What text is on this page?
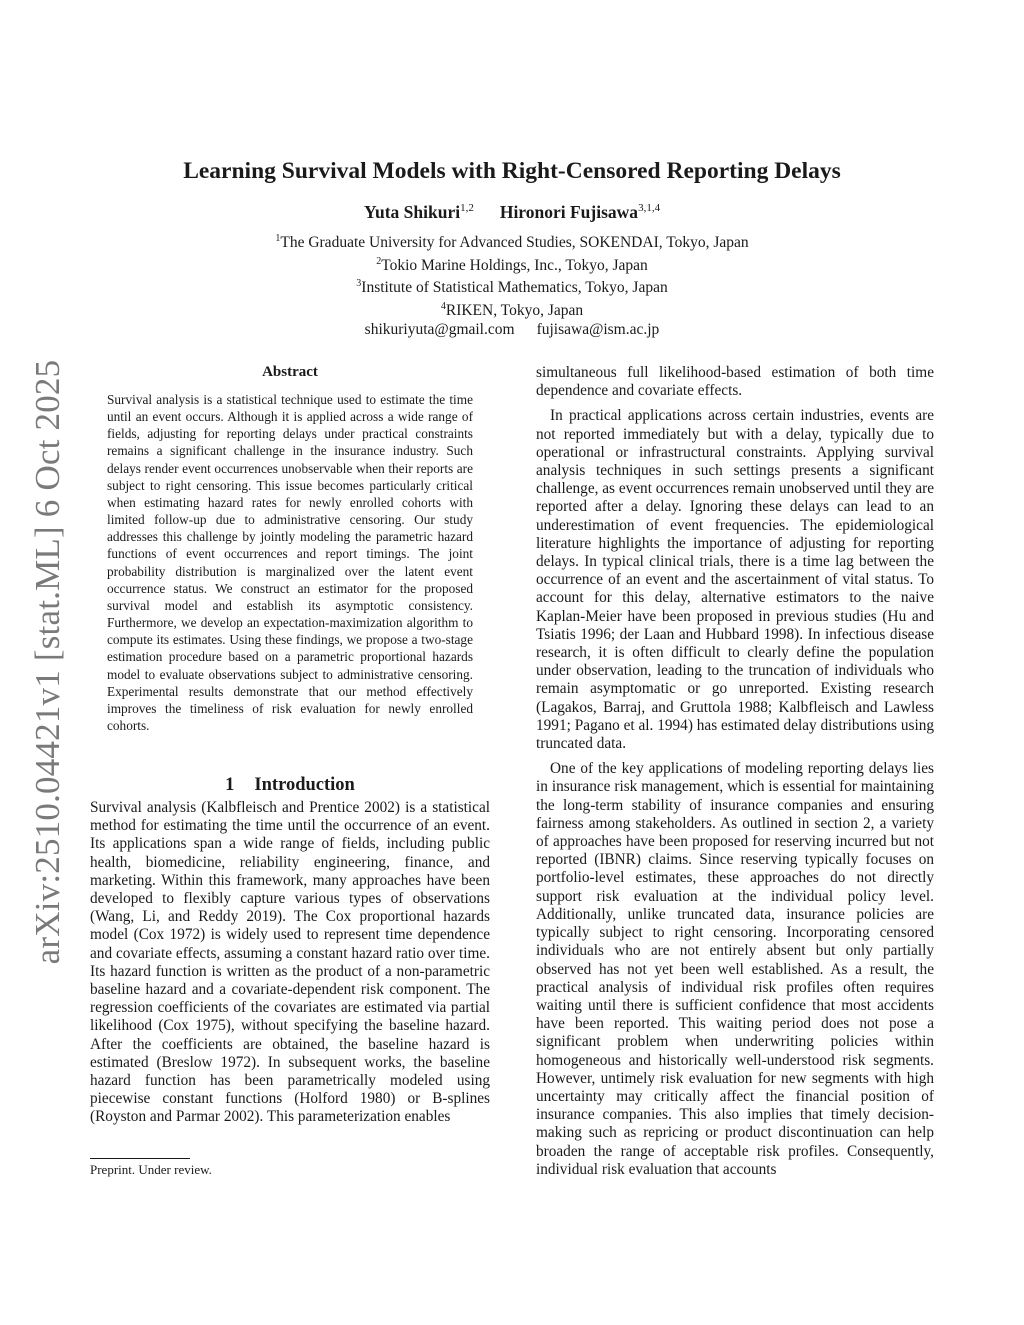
arXiv:2510.04421v1 [stat.ML] 6 Oct 2025
Learning Survival Models with Right-Censored Reporting Delays
Yuta Shikuri$^{1,2}$ Hironori Fujisawa$^{3,1,4}$
$^1$The Graduate University for Advanced Studies, SOKENDAI, Tokyo, Japan
$^2$Tokio Marine Holdings, Inc., Tokyo, Japan
$^3$Institute of Statistical Mathematics, Tokyo, Japan
$^4$RIKEN, Tokyo, Japan
shikuriyuta@gmail.com fujisawa@ism.ac.jp
Abstract
Survival analysis is a statistical technique used to estimate the time until an event occurs. Although it is applied across a wide range of fields, adjusting for reporting delays under practical constraints remains a significant challenge in the insurance industry. Such delays render event occurrences unobservable when their reports are subject to right censoring. This issue becomes particularly critical when estimating hazard rates for newly enrolled cohorts with limited follow-up due to administrative censoring. Our study addresses this challenge by jointly modeling the parametric hazard functions of event occurrences and report timings. The joint probability distribution is marginalized over the latent event occurrence status. We construct an estimator for the proposed survival model and establish its asymptotic consistency. Furthermore, we develop an expectation-maximization algorithm to compute its estimates. Using these findings, we propose a two-stage estimation procedure based on a parametric proportional hazards model to evaluate observations subject to administrative censoring. Experimental results demonstrate that our method effectively improves the timeliness of risk evaluation for newly enrolled cohorts.
1 Introduction

Survival analysis (Kalbfleisch and Prentice 2002) is a statistical method for estimating the time until the occurrence of an event. Its applications span a wide range of fields, including public health, biomedicine, reliability engineering, finance, and marketing. Within this framework, many approaches have been developed to flexibly capture various types of observations (Wang, Li, and Reddy 2019). The Cox proportional hazards model (Cox 1972) is widely used to represent time dependence and covariate effects, assuming a constant hazard ratio over time. Its hazard function is written as the product of a non-parametric baseline hazard and a covariate-dependent risk component. The regression coefficients of the covariates are estimated via partial likelihood (Cox 1975), without specifying the baseline hazard. After the coefficients are obtained, the baseline hazard is estimated (Breslow 1972). In subsequent works, the baseline hazard function has been parametrically modeled using piecewise constant functions (Holford 1980) or B-splines (Royston and Parmar 2002). This parameterization enables

Preprint. Under review.

simultaneous full likelihood-based estimation of both time dependence and covariate effects.

In practical applications across certain industries, events are not reported immediately but with a delay, typically due to operational or infrastructural constraints. Applying survival analysis techniques in such settings presents a significant challenge, as event occurrences remain unobserved until they are reported after a delay. Ignoring these delays can lead to an underestimation of event frequencies. The epidemiological literature highlights the importance of adjusting for reporting delays. In typical clinical trials, there is a time lag between the occurrence of an event and the ascertainment of vital status. To account for this delay, alternative estimators to the naive Kaplan-Meier have been proposed in previous studies (Hu and Tsiatis 1996; der Laan and Hubbard 1998). In infectious disease research, it is often difficult to clearly define the population under observation, leading to the truncation of individuals who remain asymptomatic or go unreported. Existing research (Lagakos, Barraj, and Gruttola 1988; Kalbfleisch and Lawless 1991; Pagano et al. 1994) has estimated delay distributions using truncated data.

One of the key applications of modeling reporting delays lies in insurance risk management, which is essential for maintaining the long-term stability of insurance companies and ensuring fairness among stakeholders. As outlined in section 2, a variety of approaches have been proposed for reserving incurred but not reported (IBNR) claims. Since reserving typically focuses on portfolio-level estimates, these approaches do not directly support risk evaluation at the individual policy level. Additionally, unlike truncated data, insurance policies are typically subject to right censoring. Incorporating censored individuals who are not entirely absent but only partially observed has not yet been well established. As a result, the practical analysis of individual risk profiles often requires waiting until there is sufficient confidence that most accidents have been reported. This waiting period does not pose a significant problem when underwriting policies within homogeneous and historically well-understood risk segments. However, untimely risk evaluation for new segments with high uncertainty may critically affect the financial position of insurance companies. This also implies that timely decision-making such as repricing or product discontinuation can help broaden the range of acceptable risk profiles. Consequently, individual risk evaluation that accounts
